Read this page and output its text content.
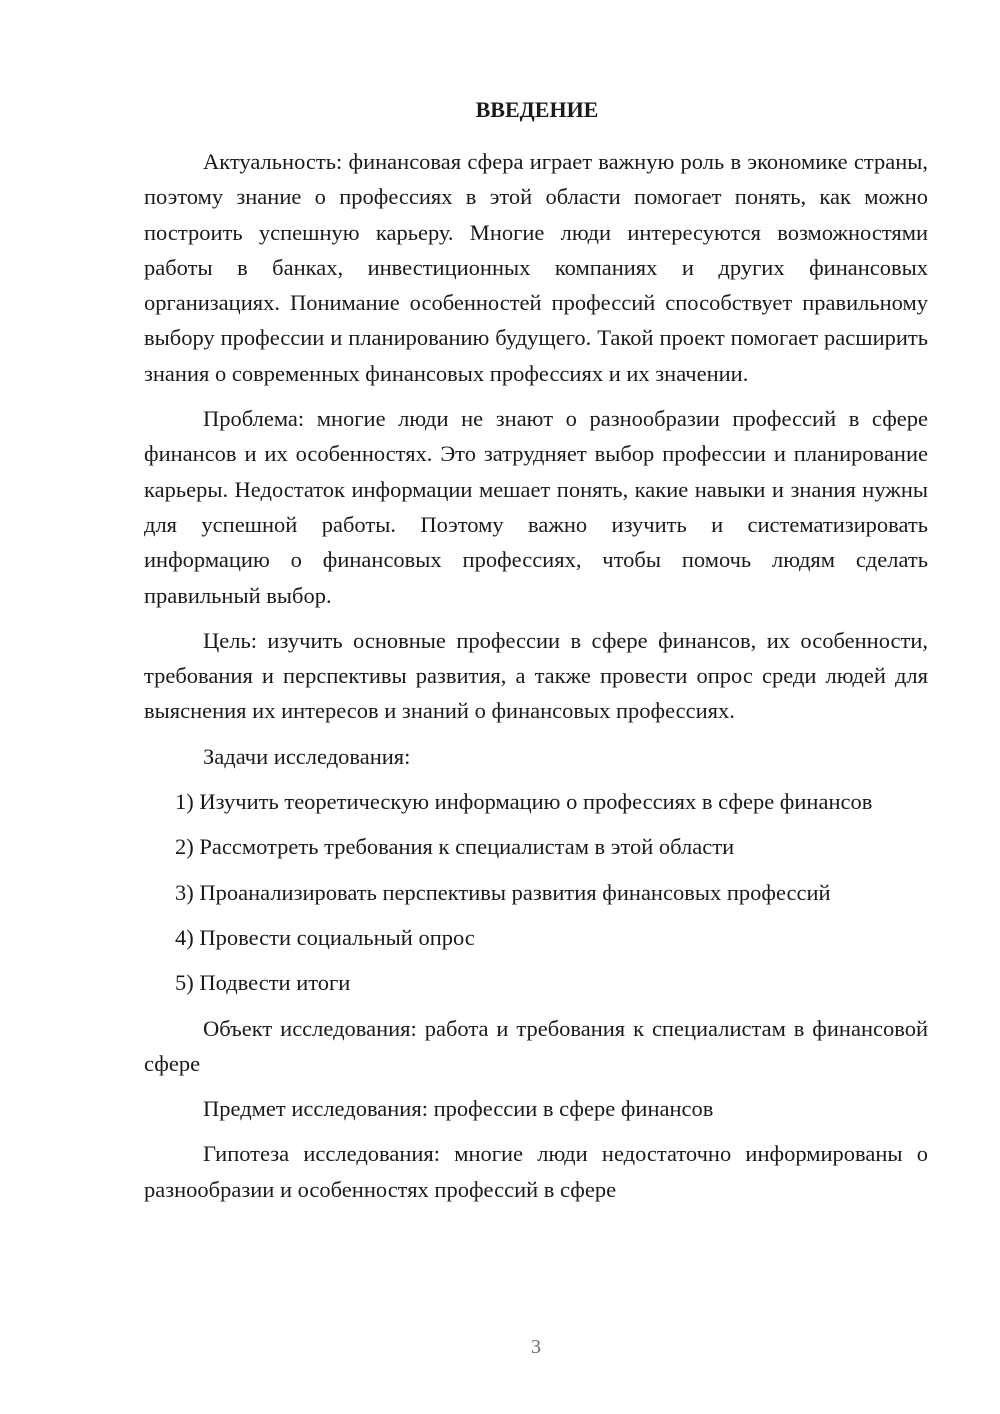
ВВЕДЕНИЕ

Актуальность: финансовая сфера играет важную роль в экономике страны, поэтому знание о профессиях в этой области помогает понять, как можно построить успешную карьеру. Многие люди интересуются возможностями работы в банках, инвестиционных компаниях и других финансовых организациях. Понимание особенностей профессий способствует правильному выбору профессии и планированию будущего. Такой проект помогает расширить знания о современных финансовых профессиях и их значении.

Проблема: многие люди не знают о разнообразии профессий в сфере финансов и их особенностях. Это затрудняет выбор профессии и планирование карьеры. Недостаток информации мешает понять, какие навыки и знания нужны для успешной работы. Поэтому важно изучить и систематизировать информацию о финансовых профессиях, чтобы помочь людям сделать правильный выбор.

Цель: изучить основные профессии в сфере финансов, их особенности, требования и перспективы развития, а также провести опрос среди людей для выяснения их интересов и знаний о финансовых профессиях.

Задачи исследования:

1) Изучить теоретическую информацию о профессиях в сфере финансов

2) Рассмотреть требования к специалистам в этой области

3) Проанализировать перспективы развития финансовых профессий

4) Провести социальный опрос

5) Подвести итоги

Объект исследования: работа и требования к специалистам в финансовой сфере

Предмет исследования: профессии в сфере финансов

Гипотеза исследования: многие люди недостаточно информированы о разнообразии и особенностях профессий в сфере

3
